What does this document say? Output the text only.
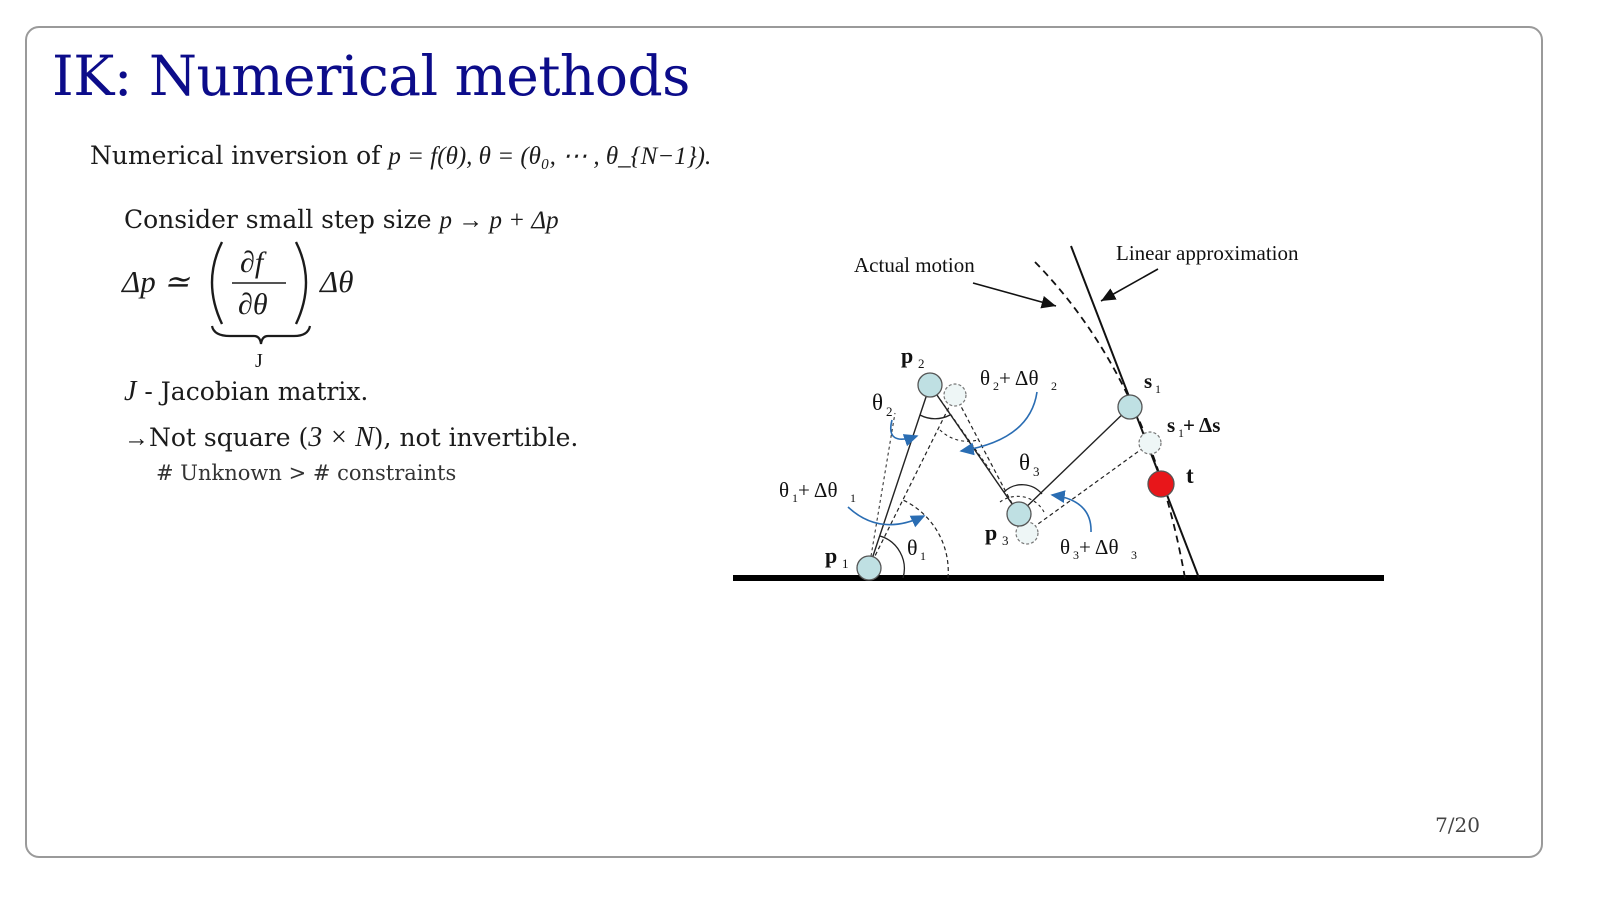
IK: Numerical methods
Numerical inversion of p = f(θ), θ = (θ₀, ⋯ , θ_{N−1}).
Consider small step size p → p + Δp
Δp ≃
∂f
∂θ
Δθ
J
J - Jacobian matrix.
→Not square (3 × N), not invertible.
# Unknown > # constraints
Actual motion	Linear approximation
p 1
p 2
p 3
s 1
s 1 + Δs
t
θ 1
θ 1 + Δθ 1
θ 2
θ 2 + Δθ 2
θ 3
θ 3 + Δθ 3
7/20
